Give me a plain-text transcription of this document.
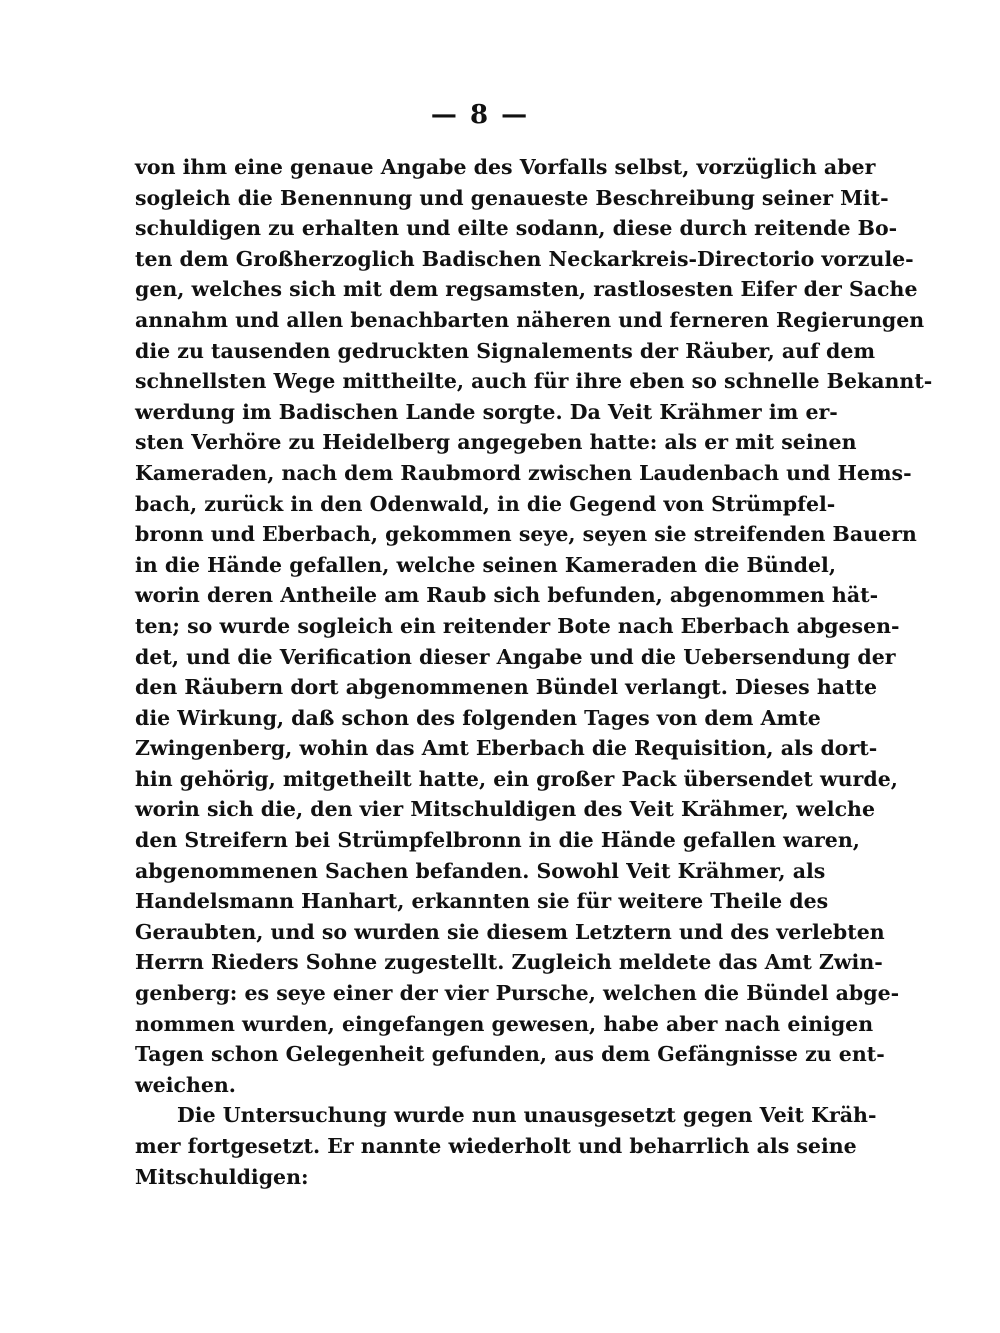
— 8 —
von ihm eine genaue Angabe des Vorfalls selbst, vorzüglich aber
sogleich die Benennung und genaueste Beschreibung seiner Mit-
schuldigen zu erhalten und eilte sodann, diese durch reitende Bo-
ten dem Großherzoglich Badischen Neckarkreis-Directorio vorzule-
gen, welches sich mit dem regsamsten, rastlosesten Eifer der Sache
annahm und allen benachbarten näheren und ferneren Regierungen
die zu tausenden gedruckten Signalements der Räuber, auf dem
schnellsten Wege mittheilte, auch für ihre eben so schnelle Bekannt-
werdung im Badischen Lande sorgte. Da Veit Krähmer im er-
sten Verhöre zu Heidelberg angegeben hatte: als er mit seinen
Kameraden, nach dem Raubmord zwischen Laudenbach und Hems-
bach, zurück in den Odenwald, in die Gegend von Strümpfel-
bronn und Eberbach, gekommen seye, seyen sie streifenden Bauern
in die Hände gefallen, welche seinen Kameraden die Bündel,
worin deren Antheile am Raub sich befunden, abgenommen hät-
ten; so wurde sogleich ein reitender Bote nach Eberbach abgesen-
det, und die Verification dieser Angabe und die Uebersendung der
den Räubern dort abgenommenen Bündel verlangt. Dieses hatte
die Wirkung, daß schon des folgenden Tages von dem Amte
Zwingenberg, wohin das Amt Eberbach die Requisition, als dort-
hin gehörig, mitgetheilt hatte, ein großer Pack übersendet wurde,
worin sich die, den vier Mitschuldigen des Veit Krähmer, welche
den Streifern bei Strümpfelbronn in die Hände gefallen waren,
abgenommenen Sachen befanden. Sowohl Veit Krähmer, als
Handelsmann Hanhart, erkannten sie für weitere Theile des
Geraubten, und so wurden sie diesem Letztern und des verlebten
Herrn Rieders Sohne zugestellt. Zugleich meldete das Amt Zwin-
genberg: es seye einer der vier Pursche, welchen die Bündel abge-
nommen wurden, eingefangen gewesen, habe aber nach einigen
Tagen schon Gelegenheit gefunden, aus dem Gefängnisse zu ent-
weichen.
Die Untersuchung wurde nun unausgesetzt gegen Veit Kräh-
mer fortgesetzt. Er nannte wiederholt und beharrlich als seine
Mitschuldigen:
